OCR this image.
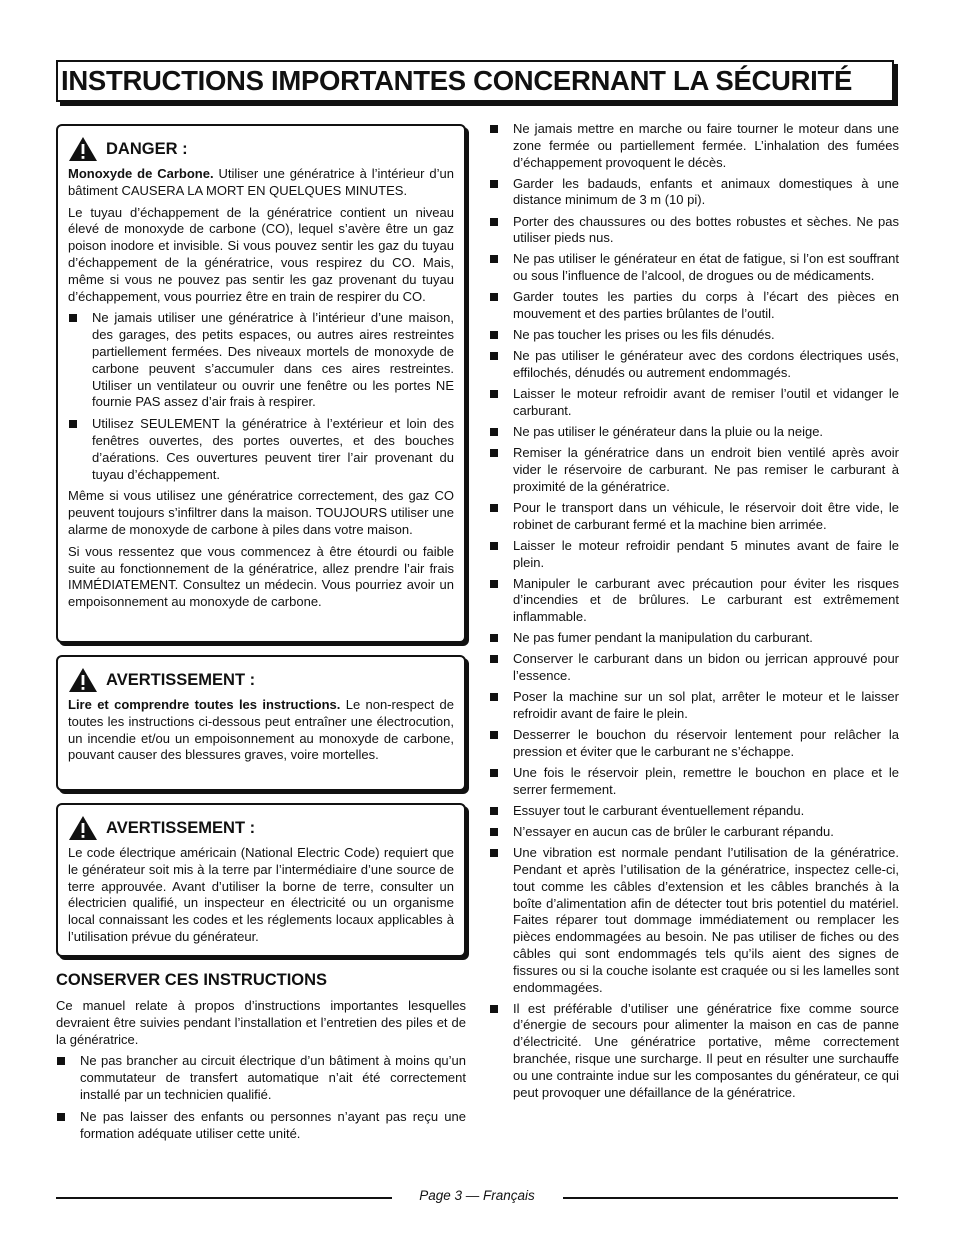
INSTRUCTIONS IMPORTANTES CONCERNANT LA SÉCURITÉ
DANGER :

Monoxyde de Carbone. Utiliser une génératrice à l’intérieur d’un bâtiment CAUSERA LA MORT EN QUELQUES MINUTES.

Le tuyau d’échappement de la génératrice contient un niveau élevé de monoxyde de carbone (CO), lequel s’avère être un gaz poison inodore et invisible. Si vous pouvez sentir les gaz du tuyau d’échappement de la génératrice, vous respirez du CO. Mais, même si vous ne pouvez pas sentir les gaz provenant du tuyau d’échappement, vous pourriez être en train de respirer du CO.

Ne jamais utiliser une génératrice à l’intérieur d’une maison, des garages, des petits espaces, ou autres aires restreintes partiellement fermées. Des niveaux mortels de monoxyde de carbone peuvent s’accumuler dans ces aires restreintes. Utiliser un ventilateur ou ouvrir une fenêtre ou les portes NE fournie PAS assez d’air frais à respirer.
Utilisez SEULEMENT la génératrice à l’extérieur et loin des fenêtres ouvertes, des portes ouvertes, et des bouches d’aérations. Ces ouvertures peuvent tirer l’air provenant du tuyau d’échappement.

Même si vous utilisez une génératrice correctement, des gaz CO peuvent toujours s’infiltrer dans la maison. TOUJOURS utiliser une alarme de monoxyde de carbone à piles dans votre maison.

Si vous ressentez que vous commencez à être étourdi ou faible suite au fonctionnement de la génératrice, allez prendre l’air frais IMMÉDIATEMENT. Consultez un médecin. Vous pourriez avoir un empoisonnement au monoxyde de carbone.

AVERTISSEMENT :

Lire et comprendre toutes les instructions. Le non-respect de toutes les instructions ci-dessous peut entraîner une électrocution, un incendie et/ou un empoisonnement au monoxyde de carbone, pouvant causer des blessures graves, voire mortelles.

AVERTISSEMENT :

Le code électrique américain (National Electric Code) requiert que le générateur soit mis à la terre par l’intermédiaire d’une source de terre approuvée. Avant d’utiliser la borne de terre, consulter un électricien qualifié, un inspecteur en électricité ou un organisme local connaissant les codes et les réglements locaux applicables à l’utilisation prévue du générateur.

CONSERVER CES INSTRUCTIONS

Ce manuel relate à propos d’instructions importantes lesquelles devraient être suivies pendant l’installation et l’entretien des piles et de la génératrice.

Ne pas brancher au circuit électrique d’un bâtiment à moins qu’un commutateur de transfert automatique n’ait été correctement installé par un technicien qualifié.
Ne pas laisser des enfants ou personnes n’ayant pas reçu une formation adéquate utiliser cette unité.
Ne jamais mettre en marche ou faire tourner le moteur dans une zone fermée ou partiellement fermée. L’inhalation des fumées d’échappement provoquent le décès.
Garder les badauds, enfants et animaux domestiques à une distance minimum de 3 m (10 pi).
Porter des chaussures ou des bottes robustes et sèches. Ne pas utiliser pieds nus.
Ne pas utiliser le générateur en état de fatigue, si l’on est souffrant ou sous l’influence de l’alcool, de drogues ou de médicaments.
Garder toutes les parties du corps à l’écart des pièces en mouvement et des parties brûlantes de l’outil.
Ne pas toucher les prises ou les fils dénudés.
Ne pas utiliser le générateur avec des cordons électriques usés, effilochés, dénudés ou autrement endommagés.
Laisser le moteur refroidir avant de remiser l’outil et vidanger le carburant.
Ne pas utiliser le générateur dans la pluie ou la neige.
Remiser la génératrice dans un endroit bien ventilé après avoir vider le réservoire de carburant. Ne pas remiser le carburant à proximité de la génératrice.
Pour le transport dans un véhicule, le réservoir doit être vide, le robinet de carburant fermé et la machine bien arrimée.
Laisser le moteur refroidir pendant 5 minutes avant de faire le plein.
Manipuler le carburant avec précaution pour éviter les risques d’incendies et de brûlures. Le carburant est extrêmement inflammable.
Ne pas fumer pendant la manipulation du carburant.
Conserver le carburant dans un bidon ou jerrican approuvé pour l’essence.
Poser la machine sur un sol plat, arrêter le moteur et le laisser refroidir avant de faire le plein.
Desserrer le bouchon du réservoir lentement pour relâcher la pression et éviter que le carburant ne s’échappe.
Une fois le réservoir plein, remettre le bouchon en place et le serrer fermement.
Essuyer tout le carburant éventuellement répandu.
N’essayer en aucun cas de brûler le carburant répandu.
Une vibration est normale pendant l’utilisation de la génératrice. Pendant et après l’utilisation de la génératrice, inspectez celle-ci, tout comme les câbles d’extension et les câbles branchés à la boîte d’alimentation afin de détecter tout bris potentiel du matériel. Faites réparer tout dommage immédiatement ou remplacer les pièces endommagées au besoin. Ne pas utiliser de fiches ou des câbles qui sont endommagés tels qu’ils aient des signes de fissures ou si la couche isolante est craquée ou si les lamelles sont endommagées.
Il est préférable d’utiliser une génératrice fixe comme source d’énergie de secours pour alimenter la maison en cas de panne d’électricité. Une génératrice portative, même correctement branchée, risque une surcharge. Il peut en résulter une surchauffe ou une contrainte indue sur les composantes du générateur, ce qui peut provoquer une défaillance de la génératrice.
Page 3 — Français
